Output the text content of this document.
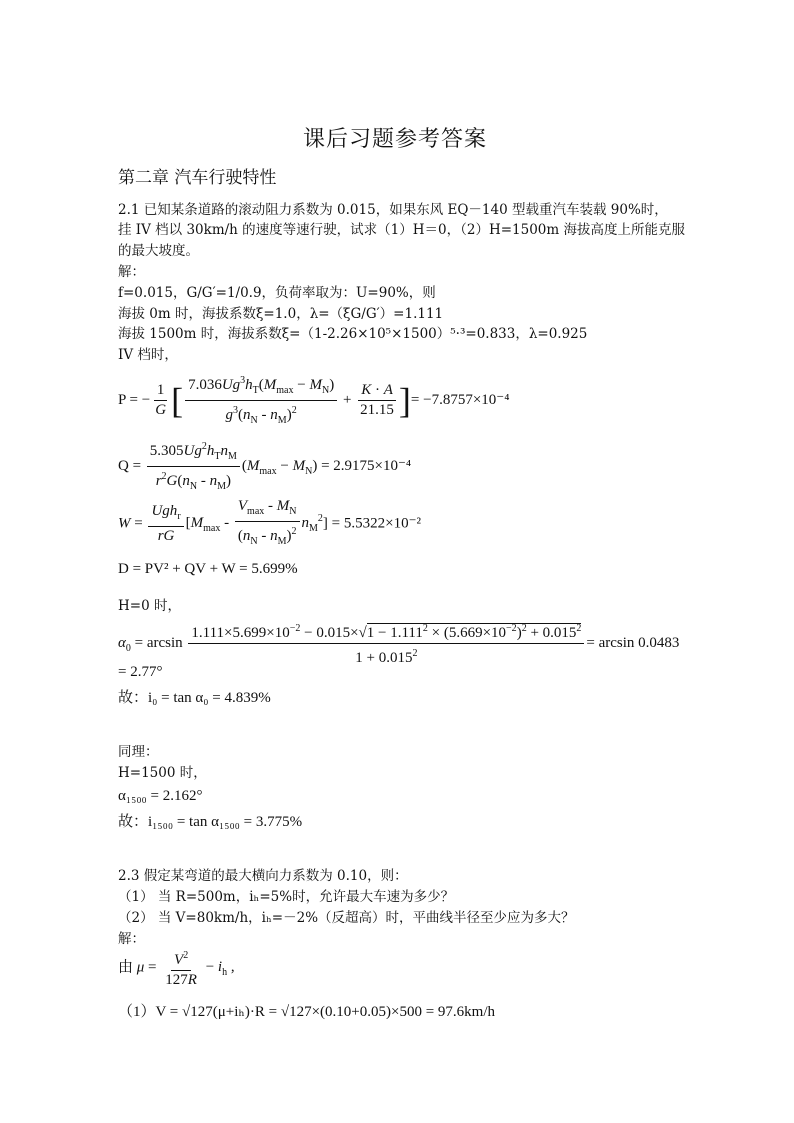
课后习题参考答案
第二章 汽车行驶特性
2.1 已知某条道路的滚动阻力系数为 0.015，如果东风 EQ－140 型载重汽车装载 90%时，
挂 IV 档以 30km/h 的速度等速行驶，试求（1）H＝0，（2）H=1500m 海拔高度上所能克服
的最大坡度。
解：
f=0.015，G/G′=1/0.9，负荷率取为：U=90%，则
海拔 0m 时，海拔系数ξ=1.0，λ=（ξG/G′）=1.111
海拔 1500m 时，海拔系数ξ=（1-2.26×10⁵×1500）⁵·³=0.833，λ=0.925
IV 档时，
P = − $\frac{1}{G}$ [ $\frac{7.036Ug^3h_T(M_{max} - M_N)}{g^3(n_N - n_M)^2} + \frac{K \cdot A}{21.15}$ ]= −7.8757×10⁻⁴
$Q = \frac{5.305Ug^2h_Tn_M}{r^2G(n_N - n_M)} (M_{max} - M_N) = 2.9175\times 10^{-4}$
$W = \frac{Ugh_r}{rG} [M_{max} - \frac{V_{max} - M_N}{(n_N - n_M)^2} n_M^2] = 5.5322\times 10^{-2}$
D = PV² + QV + W = 5.699%
H=0 时，
$\alpha_0 = \arcsin$
$1.111\times 5.699\times 10^{-2} - 0.015\times√1 - 1.111^2 \times (5.669\times 10^{-2})^2 + 0.015^2$
$1 + 0.015^2$
= arcsin 0.0483
= 2.77°
故：i₀ = tan α₀ = 4.839%
同理：
H=1500 时，
α₁₅₀₀ = 2.162°
故：i₁₅₀₀ = tan α₁₅₀₀ = 3.775%
2.3 假定某弯道的最大横向力系数为 0.10，则：
（1） 当 R=500m，iₕ=5%时，允许最大车速为多少？
（2） 当 V=80km/h，iₕ=－2%（反超高）时，平曲线半径至少应为多大？
解：
由 $\mu = \frac{V^2}{127R} - i_h$ ,
（1）V = √127(μ+iₕ)·R = √127×(0.10+0.05)×500 = 97.6km/h
